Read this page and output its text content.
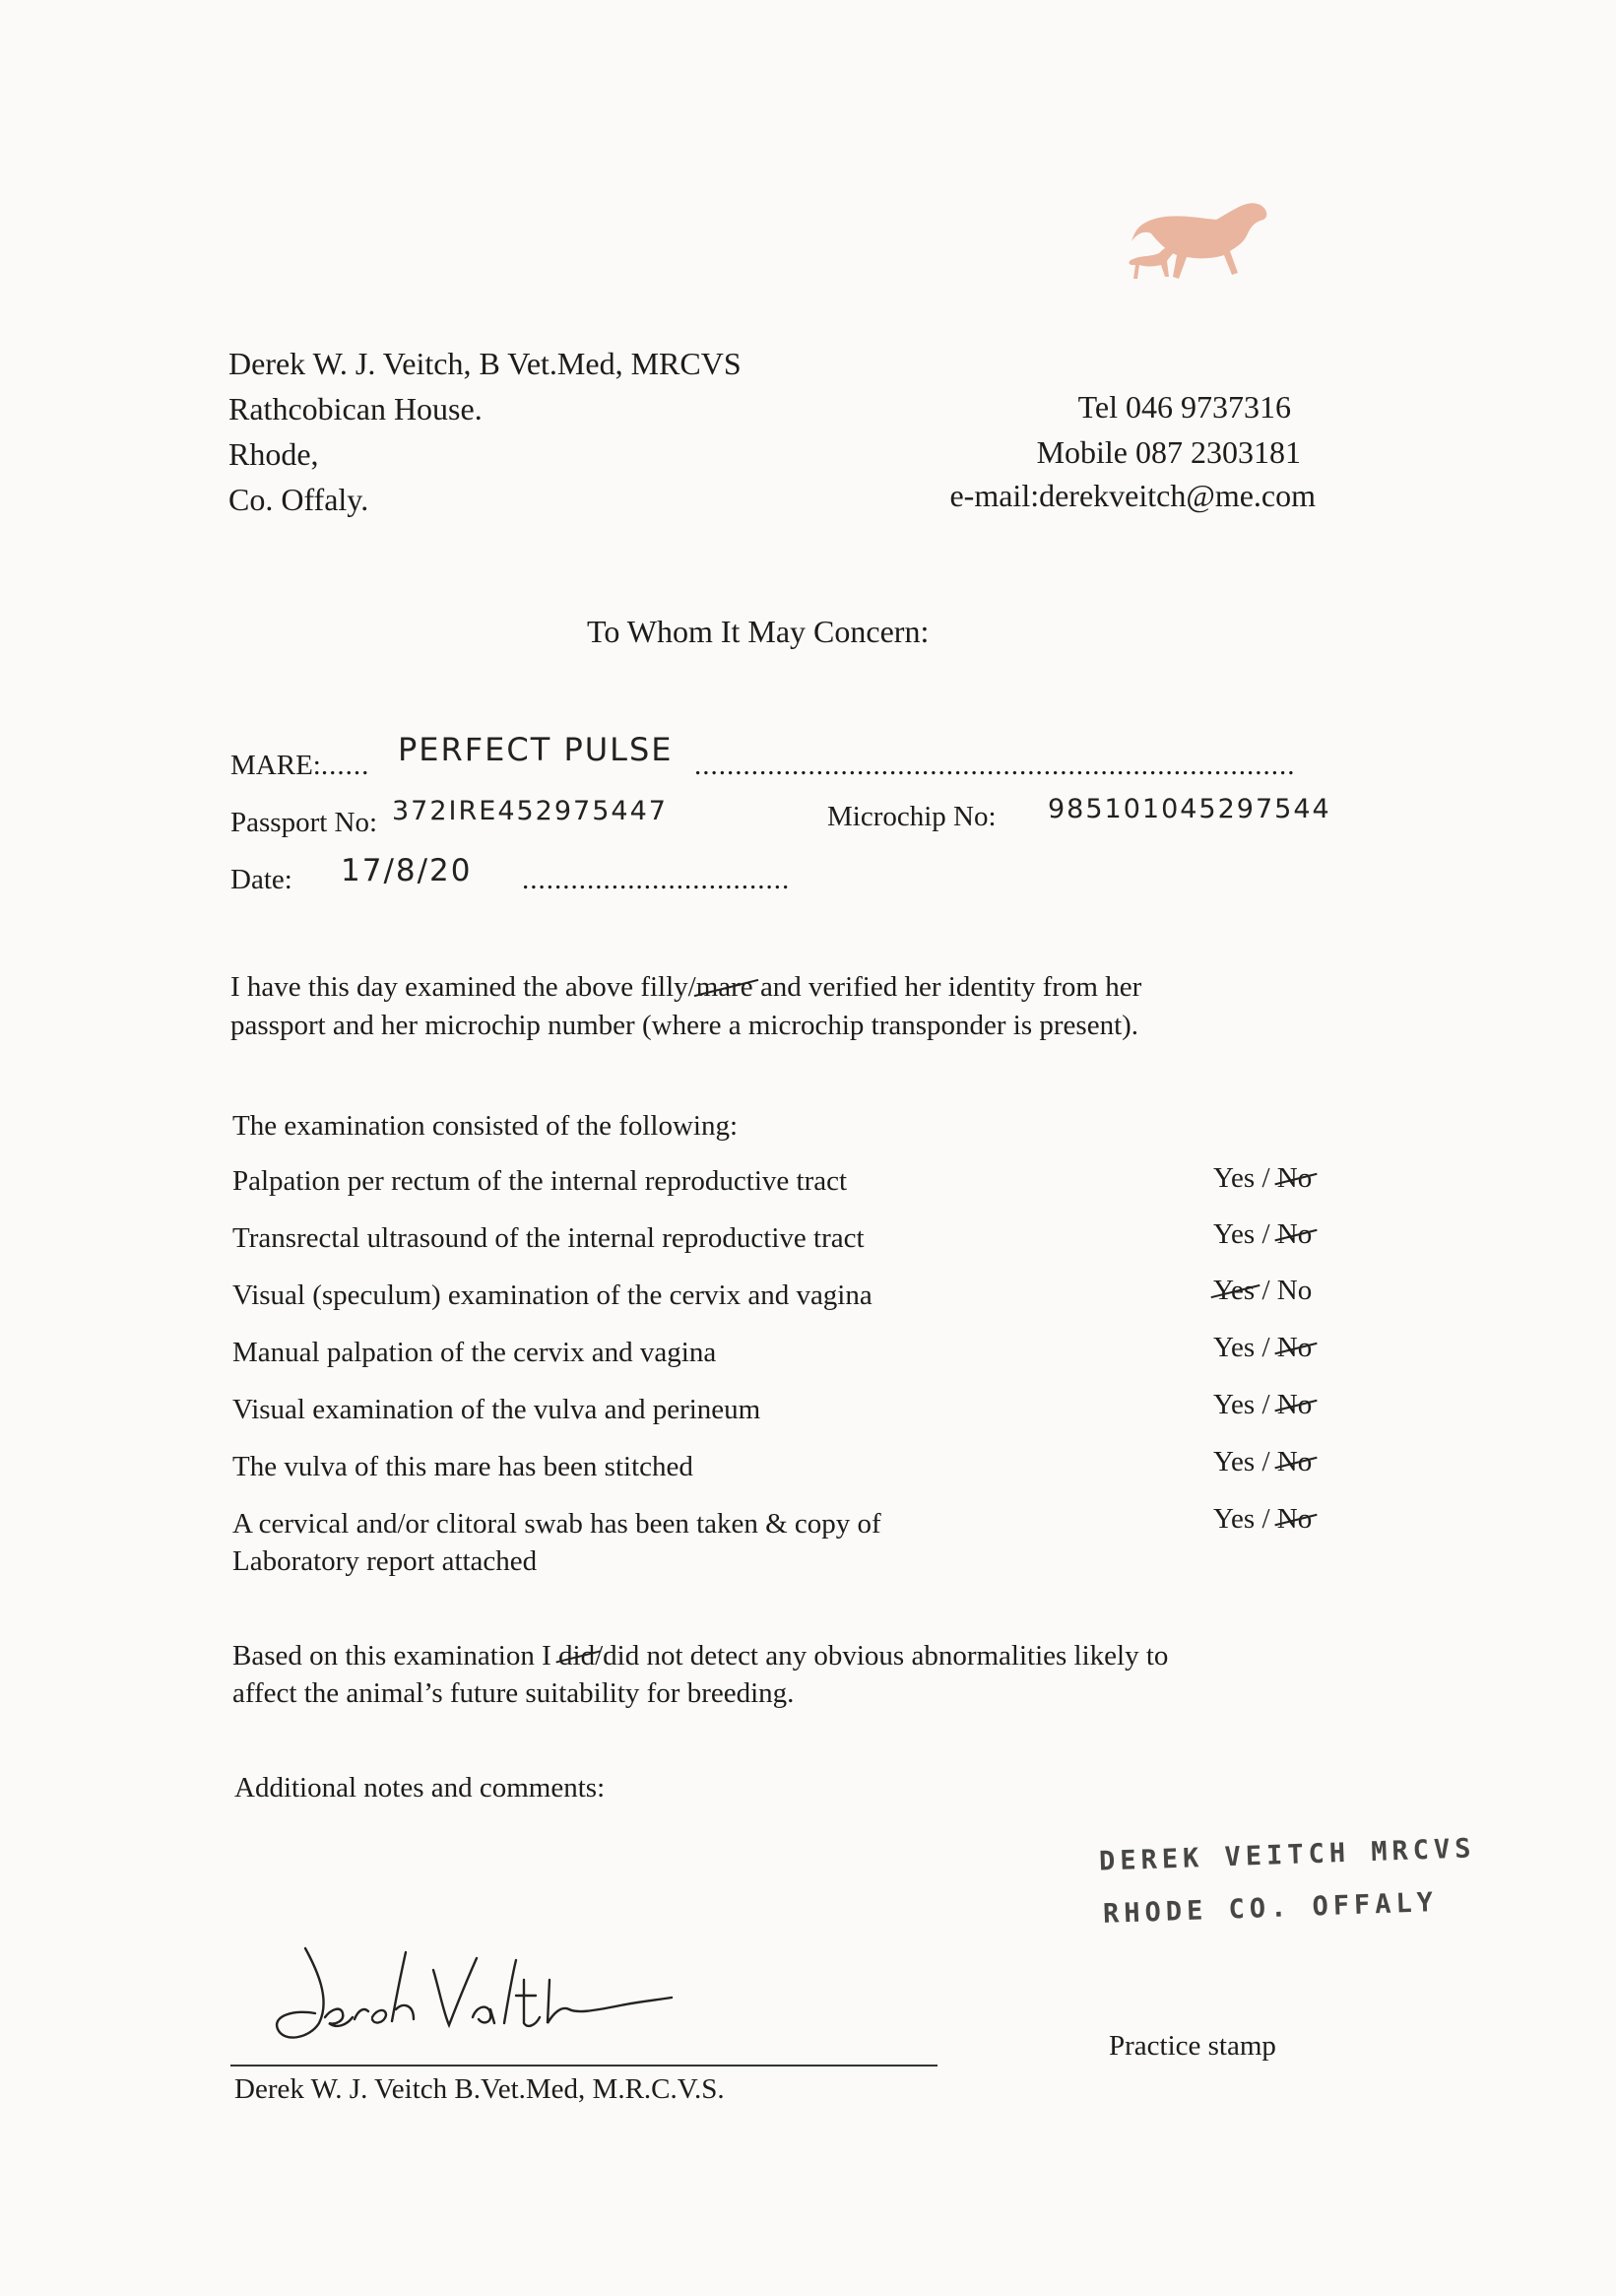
Derek W. J. Veitch, B Vet.Med, MRCVS
Rathcobican House.
Rhode,
Co. Offaly.
Tel 046 9737316
Mobile 087 2303181
e-mail:derekveitch@me.com
To Whom It May Concern:
MARE:...... PERFECT PULSE ..........................................................................
Passport No: 372IRE452975447	Microchip No: 985101045297544
Date: 17/8/20 .................................
I have this day examined the above filly/mare and verified her identity from her
passport and her microchip number (where a microchip transponder is present).
The examination consisted of the following:
Palpation per rectum of the internal reproductive tract	Yes / No
Transrectal ultrasound of the internal reproductive tract	Yes / No
Visual (speculum) examination of the cervix and vagina	Yes / No
Manual palpation of the cervix and vagina	Yes / No
Visual examination of the vulva and perineum	Yes / No
The vulva of this mare has been stitched	Yes / No
A cervical and/or clitoral swab has been taken & copy of
Laboratory report attached
Yes / No
Based on this examination I did/did not detect any obvious abnormalities likely to
affect the animal’s future suitability for breeding.
Additional notes and comments:
DEREK VEITCH MRCVS
RHODE CO. OFFALY
Practice stamp
Derek W. J. Veitch B.Vet.Med, M.R.C.V.S.
